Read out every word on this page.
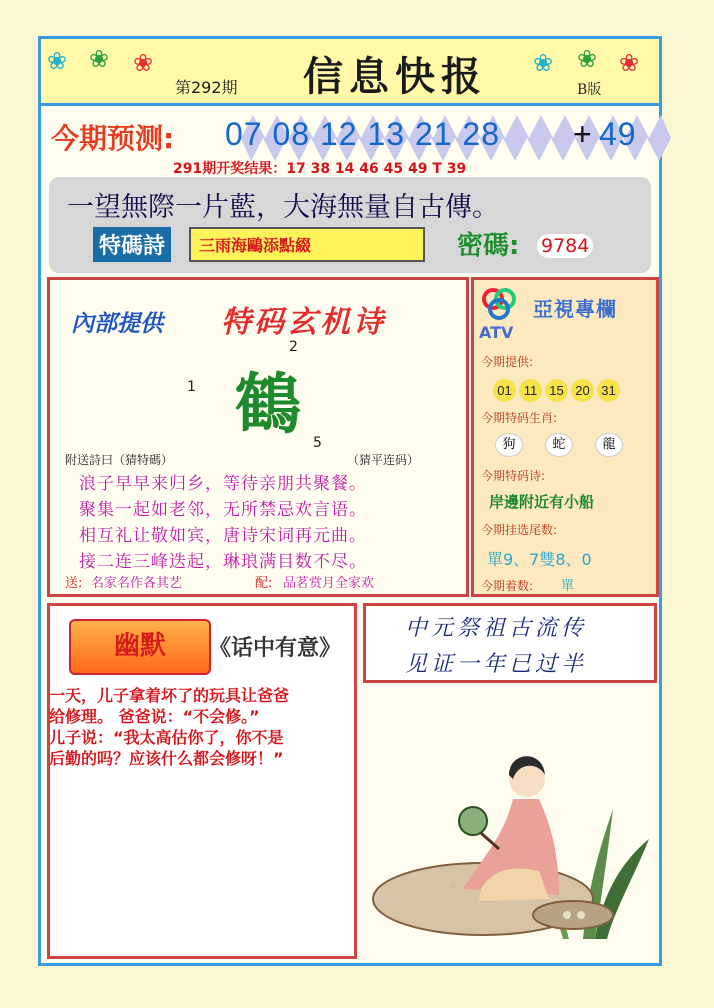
❀ ❀ ❀
第292期 信息快报 ❀ ❀ ❀
B版
今期预测: 07 08 12 13 21 28 + 49
291期开奖结果：17 38 14 46 45 49 T 39
一望無際一片藍，大海無量自古傳。
特碼詩	三雨海鷗添點綴	密碼: 9784
內部提供 特码玄机诗
1
2
鶴 5
附送詩曰（猜特碼）	（猜平连码）
浪子早早来归乡，等待亲朋共聚餐。
聚集一起如老邻，无所禁忌欢言语。
相互礼让敬如宾，唐诗宋词再元曲。
接二连三峰迭起，琳琅满目数不尽。
送: 名家名作各其艺	配: 品茗赏月全家欢
ATV
亞視專欄
今期提供:
01 11 15 20 31
今期特码生肖:
狗	蛇	龍
今期特码诗:
岸邊附近有小船
今期挂选尾数:
單9、7雙8、0
今期着数: 單
幽默	《话中有意》
一天，儿子拿着坏了的玩具让爸爸
给修理。 爸爸说：“不会修。”
儿子说：“我太高估你了，你不是
后勤的吗？应该什么都会修呀！”
中元祭祖古流传
见证一年已过半
